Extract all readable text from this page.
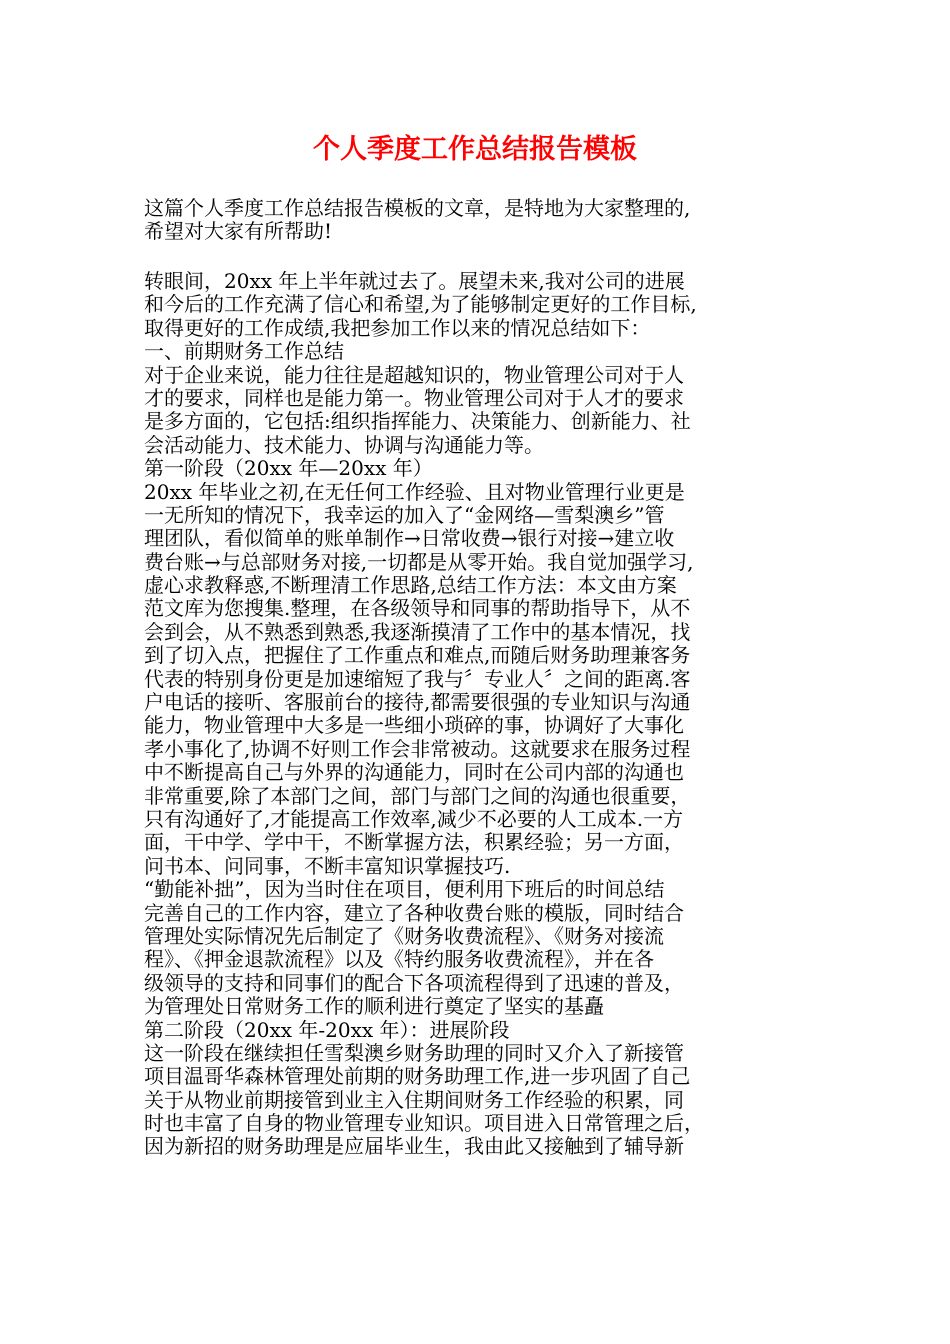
个人季度工作总结报告模板

这篇个人季度工作总结报告模板的文章，是特地为大家整理的,

希望对大家有所帮助!

转眼间，20xx 年上半年就过去了。展望未来,我对公司的进展

和今后的工作充满了信心和希望,为了能够制定更好的工作目标,

取得更好的工作成绩,我把参加工作以来的情况总结如下：

一、前期财务工作总结

对于企业来说，能力往往是超越知识的，物业管理公司对于人

才的要求，同样也是能力第一。物业管理公司对于人才的要求

是多方面的，它包括:组织指挥能力、决策能力、创新能力、社

会活动能力、技术能力、协调与沟通能力等。

第一阶段（20xx 年—20xx 年）

20xx 年毕业之初,在无任何工作经验、且对物业管理行业更是

一无所知的情况下，我幸运的加入了“金网络—雪梨澳乡”管

理团队，看似简单的账单制作→日常收费→银行对接→建立收

费台账→与总部财务对接,一切都是从零开始。我自觉加强学习,

虚心求教释惑,不断理清工作思路,总结工作方法：本文由方案

范文库为您搜集.整理，在各级领导和同事的帮助指导下，从不

会到会，从不熟悉到熟悉,我逐渐摸清了工作中的基本情况，找

到了切入点，把握住了工作重点和难点,而随后财务助理兼客务

代表的特别身份更是加速缩短了我与〞专业人〞之间的距离.客

户电话的接听、客服前台的接待,都需要很强的专业知识与沟通

能力，物业管理中大多是一些细小琐碎的事，协调好了大事化

孝小事化了,协调不好则工作会非常被动。这就要求在服务过程

中不断提高自己与外界的沟通能力，同时在公司内部的沟通也

非常重要,除了本部门之间，部门与部门之间的沟通也很重要，

只有沟通好了,才能提高工作效率,减少不必要的人工成本.一方

面，干中学、学中干，不断掌握方法，积累经验；另一方面，

问书本、问同事，不断丰富知识掌握技巧.

“勤能补拙”，因为当时住在项目，便利用下班后的时间总结

完善自己的工作内容，建立了各种收费台账的模版，同时结合

管理处实际情况先后制定了《财务收费流程》、《财务对接流

程》、《押金退款流程》以及《特约服务收费流程》，并在各

级领导的支持和同事们的配合下各项流程得到了迅速的普及，

为管理处日常财务工作的顺利进行奠定了坚实的基矗

第二阶段（20xx 年-20xx 年）：进展阶段

这一阶段在继续担任雪梨澳乡财务助理的同时又介入了新接管

项目温哥华森林管理处前期的财务助理工作,进一步巩固了自己

关于从物业前期接管到业主入住期间财务工作经验的积累，同

时也丰富了自身的物业管理专业知识。项目进入日常管理之后，

因为新招的财务助理是应届毕业生，我由此又接触到了辅导新
